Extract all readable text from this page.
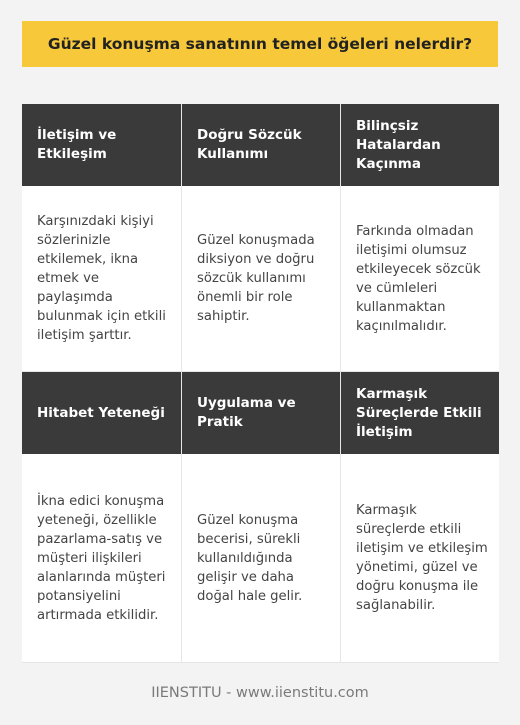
Güzel konuşma sanatının temel öğeleri nelerdir?
İletişim ve Etkileşim
Doğru Sözcük Kullanımı
Bilinçsiz Hatalardan Kaçınma
Karşınızdaki kişiyi sözlerinizle etkilemek, ikna etmek ve paylaşımda bulunmak için etkili iletişim şarttır.
Güzel konuşmada diksiyon ve doğru sözcük kullanımı önemli bir role sahiptir.
Farkında olmadan iletişimi olumsuz etkileyecek sözcük ve cümleleri kullanmaktan kaçınılmalıdır.
Hitabet Yeteneği
Uygulama ve Pratik
Karmaşık Süreçlerde Etkili İletişim
İkna edici konuşma yeteneği, özellikle pazarlama-satış ve müşteri ilişkileri alanlarında müşteri potansiyelini artırmada etkilidir.
Güzel konuşma becerisi, sürekli kullanıldığında gelişir ve daha doğal hale gelir.
Karmaşık süreçlerde etkili iletişim ve etkileşim yönetimi, güzel ve doğru konuşma ile sağlanabilir.
IIENSTITU - www.iienstitu.com
